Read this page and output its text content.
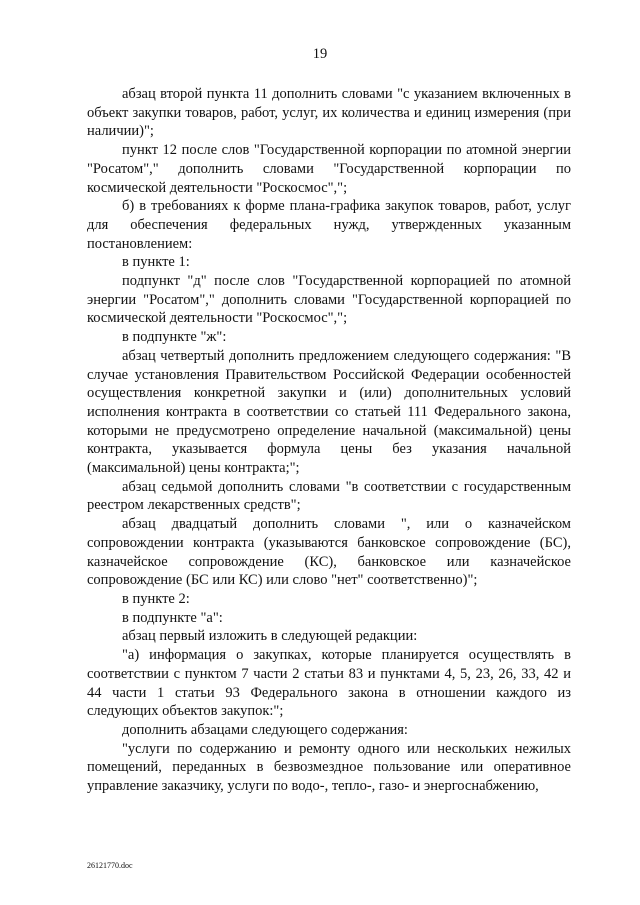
19

абзац второй пункта 11 дополнить словами "с указанием включенных в объект закупки товаров, работ, услуг, их количества и единиц измерения (при наличии)";

пункт 12 после слов "Государственной корпорации по атомной энергии "Росатом"," дополнить словами "Государственной корпорации по космической деятельности "Роскосмос",";

б) в требованиях к форме плана-графика закупок товаров, работ, услуг для обеспечения федеральных нужд, утвержденных указанным постановлением:

в пункте 1:

подпункт "д" после слов "Государственной корпорацией по атомной энергии "Росатом"," дополнить словами "Государственной корпорацией по космической деятельности "Роскосмос",";

в подпункте "ж":

абзац четвертый дополнить предложением следующего содержания: "В случае установления Правительством Российской Федерации особенностей осуществления конкретной закупки и (или) дополнительных условий исполнения контракта в соответствии со статьей 111 Федерального закона, которыми не предусмотрено определение начальной (максимальной) цены контракта, указывается формула цены без указания начальной (максимальной) цены контракта;";

абзац седьмой дополнить словами "в соответствии с государственным реестром лекарственных средств";

абзац двадцатый дополнить словами ", или о казначейском сопровождении контракта (указываются банковское сопровождение (БС), казначейское сопровождение (КС), банковское или казначейское сопровождение (БС или КС) или слово "нет" соответственно)";

в пункте 2:

в подпункте "а":

абзац первый изложить в следующей редакции:

"а) информация о закупках, которые планируется осуществлять в соответствии с пунктом 7 части 2 статьи 83 и пунктами 4, 5, 23, 26, 33, 42 и 44 части 1 статьи 93 Федерального закона в отношении каждого из следующих объектов закупок:";

дополнить абзацами следующего содержания:

"услуги по содержанию и ремонту одного или нескольких нежилых помещений, переданных в безвозмездное пользование или оперативное управление заказчику, услуги по водо-, тепло-, газо- и энергоснабжению,

26121770.doc
